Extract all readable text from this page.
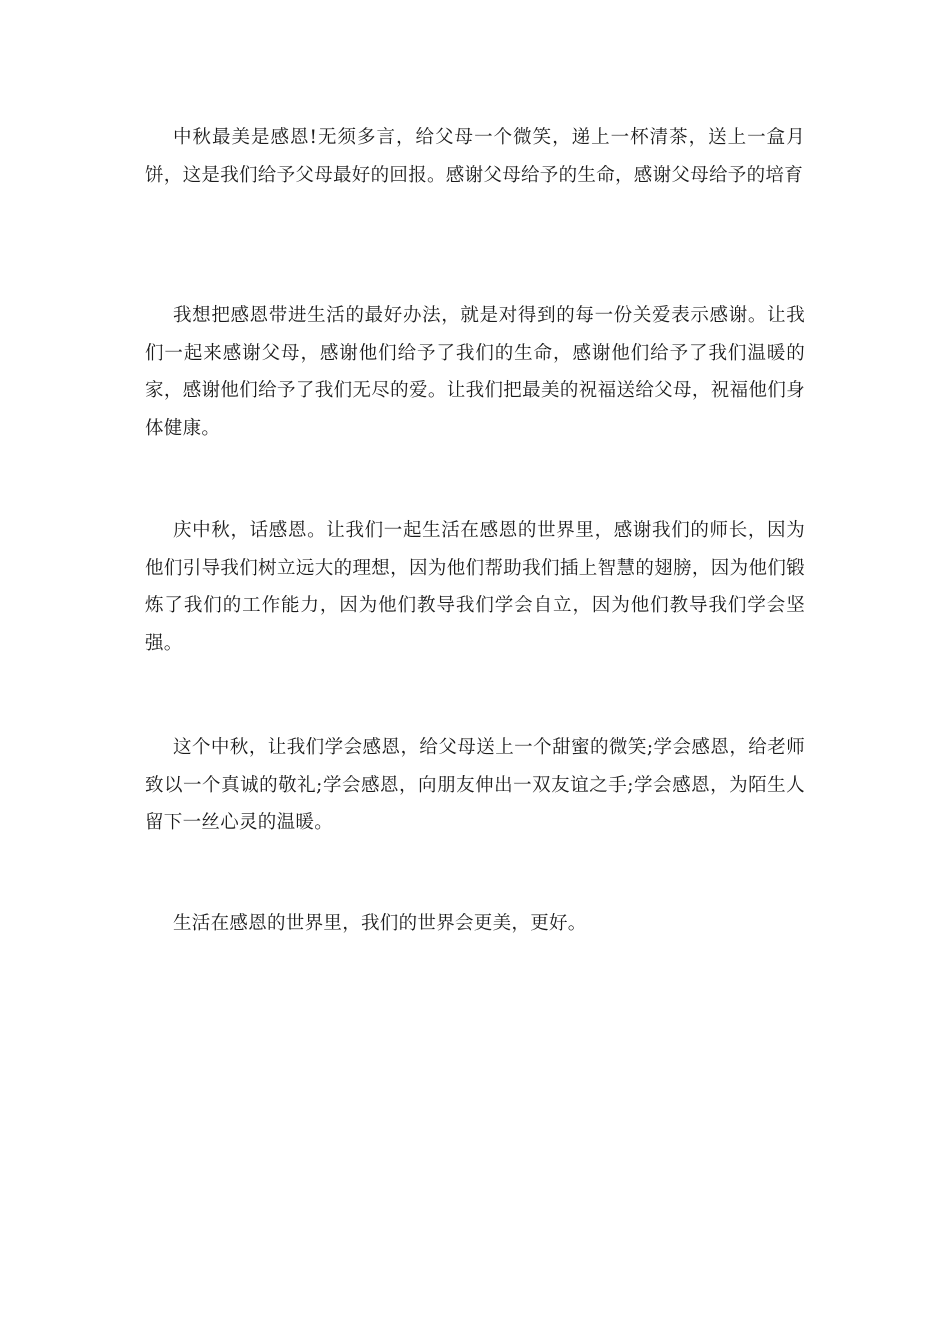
中秋最美是感恩!无须多言，给父母一个微笑，递上一杯清茶，送上一盒月饼，这是我们给予父母最好的回报。感谢父母给予的生命，感谢父母给予的培育

我想把感恩带进生活的最好办法，就是对得到的每一份关爱表示感谢。让我们一起来感谢父母，感谢他们给予了我们的生命，感谢他们给予了我们温暖的家，感谢他们给予了我们无尽的爱。让我们把最美的祝福送给父母，祝福他们身体健康。

庆中秋，话感恩。让我们一起生活在感恩的世界里，感谢我们的师长，因为他们引导我们树立远大的理想，因为他们帮助我们插上智慧的翅膀，因为他们锻炼了我们的工作能力，因为他们教导我们学会自立，因为他们教导我们学会坚强。

这个中秋，让我们学会感恩，给父母送上一个甜蜜的微笑;学会感恩，给老师致以一个真诚的敬礼;学会感恩，向朋友伸出一双友谊之手;学会感恩，为陌生人留下一丝心灵的温暖。

生活在感恩的世界里，我们的世界会更美，更好。
